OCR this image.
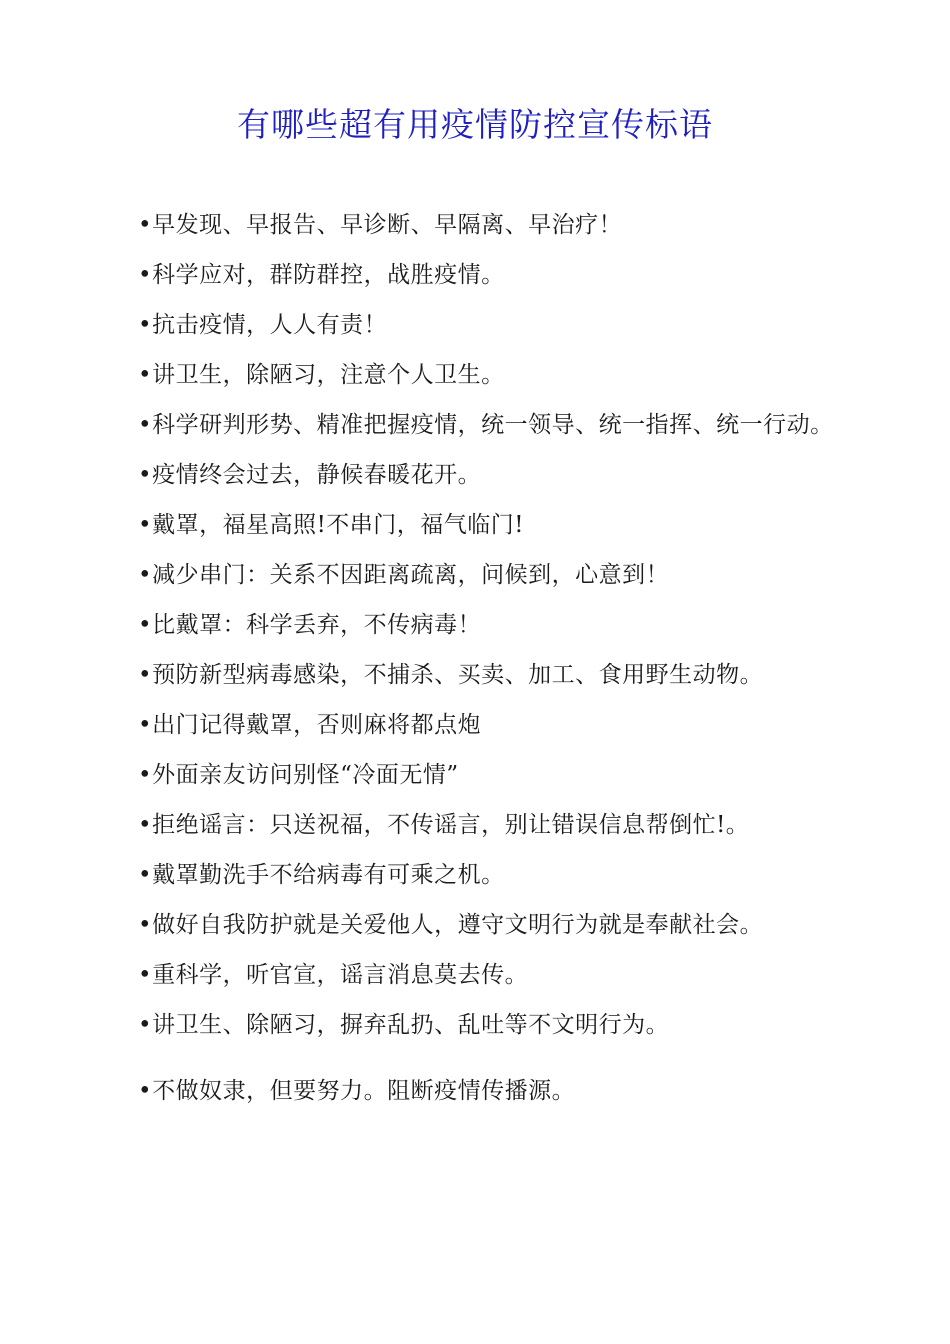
有哪些超有用疫情防控宣传标语
•早发现、早报告、早诊断、早隔离、早治疗！
•科学应对，群防群控，战胜疫情。
•抗击疫情，人人有责！
•讲卫生，除陋习，注意个人卫生。
•科学研判形势、精准把握疫情，统一领导、统一指挥、统一行动。
•疫情终会过去，静候春暖花开。
•戴罩，福星高照!不串门，福气临门!
•减少串门：关系不因距离疏离，问候到，心意到！
•比戴罩：科学丢弃，不传病毒！
•预防新型病毒感染，不捕杀、买卖、加工、食用野生动物。
•出门记得戴罩，否则麻将都点炮
•外面亲友访问别怪“冷面无情”
•拒绝谣言：只送祝福，不传谣言，别让错误信息帮倒忙!。
•戴罩勤洗手不给病毒有可乘之机。
•做好自我防护就是关爱他人，遵守文明行为就是奉献社会。
•重科学，听官宣，谣言消息莫去传。
•讲卫生、除陋习，摒弃乱扔、乱吐等不文明行为。
•不做奴隶，但要努力。阻断疫情传播源。
